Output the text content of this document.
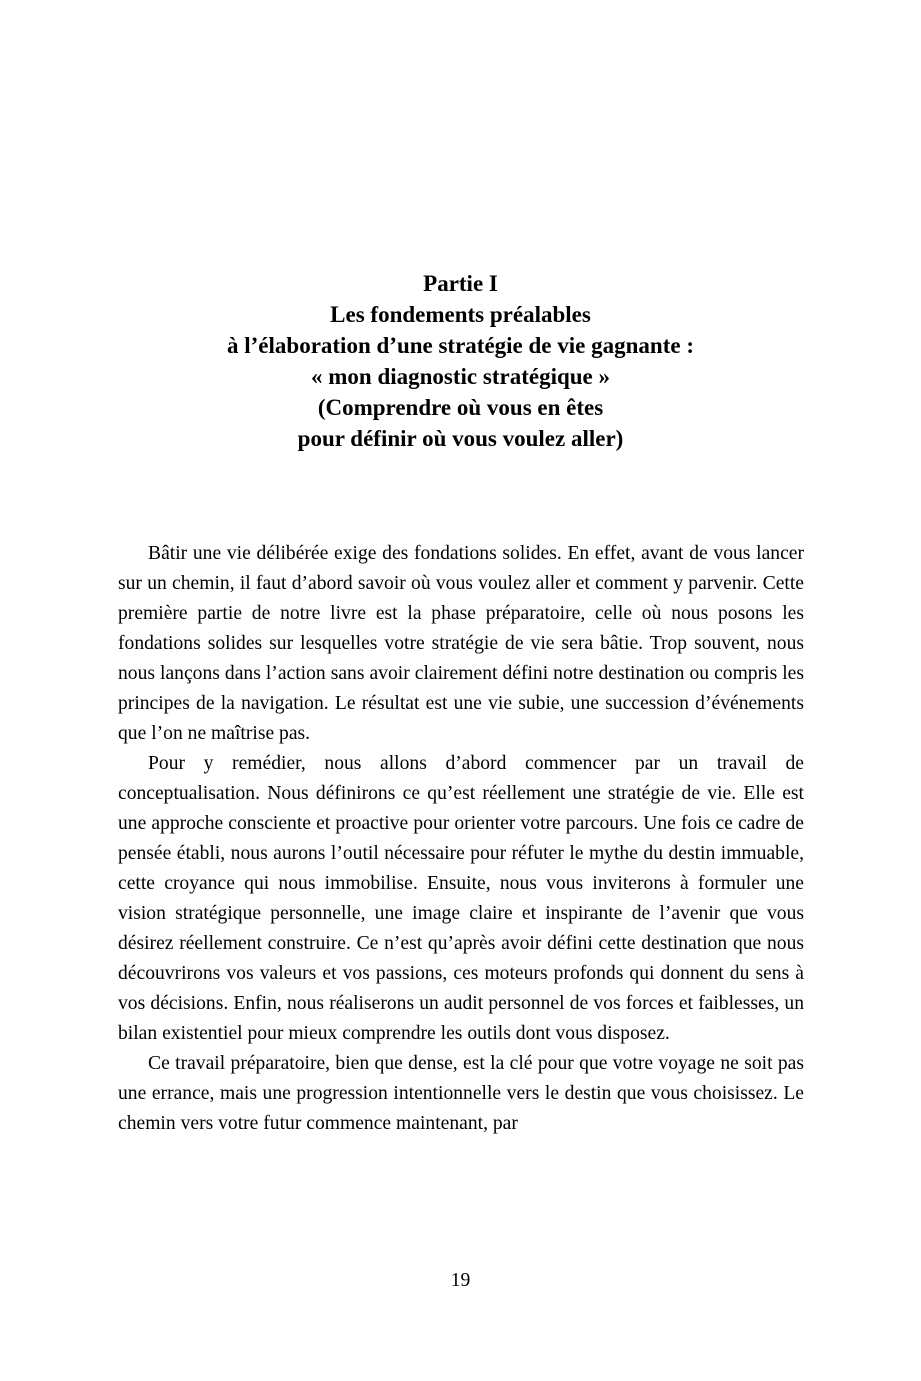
Partie I
Les fondements préalables
à l’élaboration d’une stratégie de vie gagnante :
« mon diagnostic stratégique »
(Comprendre où vous en êtes
pour définir où vous voulez aller)

Bâtir une vie délibérée exige des fondations solides. En effet, avant de vous lancer sur un chemin, il faut d’abord savoir où vous voulez aller et comment y parvenir. Cette première partie de notre livre est la phase préparatoire, celle où nous posons les fondations solides sur lesquelles votre stratégie de vie sera bâtie. Trop souvent, nous nous lançons dans l’action sans avoir clairement défini notre destination ou compris les principes de la navigation. Le résultat est une vie subie, une succession d’événements que l’on ne maîtrise pas.

Pour y remédier, nous allons d’abord commencer par un travail de conceptualisation. Nous définirons ce qu’est réellement une stratégie de vie. Elle est une approche consciente et proactive pour orienter votre parcours. Une fois ce cadre de pensée établi, nous aurons l’outil nécessaire pour réfuter le mythe du destin immuable, cette croyance qui nous immobilise. Ensuite, nous vous inviterons à formuler une vision stratégique personnelle, une image claire et inspirante de l’avenir que vous désirez réellement construire. Ce n’est qu’après avoir défini cette destination que nous découvrirons vos valeurs et vos passions, ces moteurs profonds qui donnent du sens à vos décisions. Enfin, nous réaliserons un audit personnel de vos forces et faiblesses, un bilan existentiel pour mieux comprendre les outils dont vous disposez.

Ce travail préparatoire, bien que dense, est la clé pour que votre voyage ne soit pas une errance, mais une progression intentionnelle vers le destin que vous choisissez. Le chemin vers votre futur commence maintenant, par

19
